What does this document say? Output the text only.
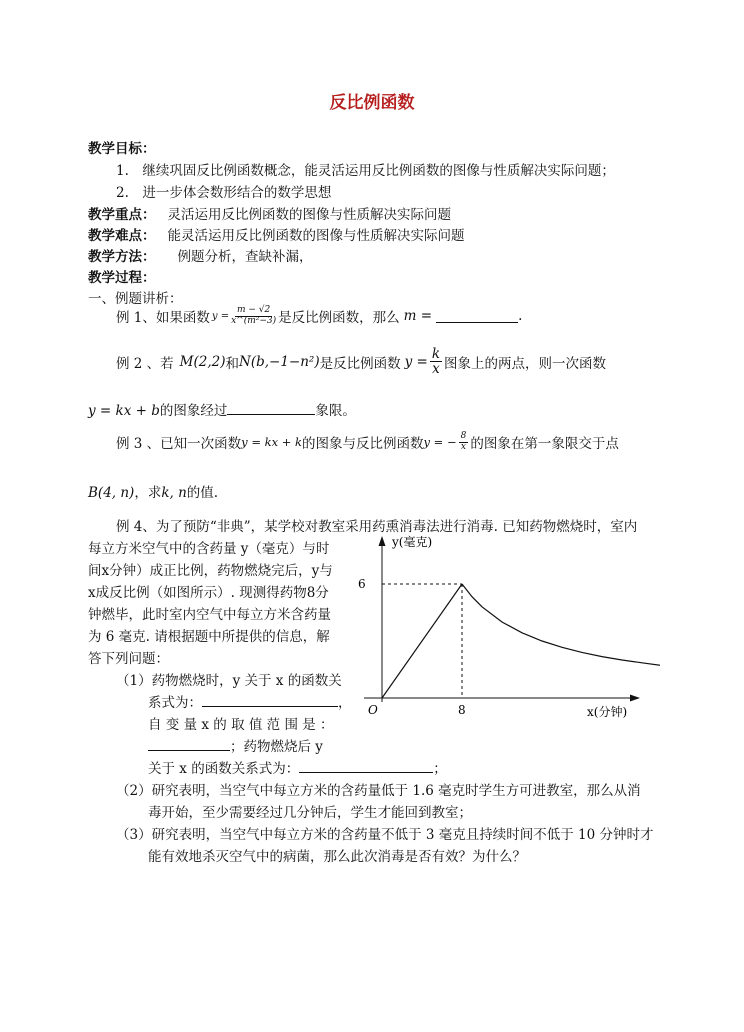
反比例函数
教学目标：
1.　继续巩固反比例函数概念，能灵活运用反比例函数的图像与性质解决实际问题；
2.　进一步体会数形结合的数学思想
教学重点： 灵活运用反比例函数的图像与性质解决实际问题
教学难点： 能灵活运用反比例函数的图像与性质解决实际问题
教学方法： 例题分析，查缺补漏，
教学过程：
一、例题讲析：
例 1、如果函数 $y = \frac{m - √2}{\text{x\textasciicircum{}(m²−3)}}$ 是反比例函数，那么 m =	.
例 2 、若 M(2,2) 和 N(b,−1−n²) 是反比例函数 $y = \frac{k}{x}$ 图象上的两点，则一次函数
y = kx + b的图象经过	象限。
例 3 、已知一次函数 y = kx + k 的图象与反比例函数 y = − $\frac{8}{x}$ 的图象在第一象限交于点
B(4, n)，求k, n的值.
例 4、为了预防“非典”，某学校对教室采用药熏消毒法进行消毒. 已知药物燃烧时，室内
每立方米空气中的含药量 y（毫克）与时
间x分钟）成正比例，药物燃烧完后，y与
x成反比例（如图所示）. 现测得药物8分
钟燃毕，此时室内空气中每立方米含药量
为 6 毫克. 请根据题中所提供的信息，解
答下列问题：
（1）药物燃烧时，y 关于 x 的函数关
系式为：	，
自 变 量 x 的 取 值 范 围 是 ：
；药物燃烧后 y
关于 x 的函数关系式为：	；
（2）研究表明，当空气中每立方米的含药量低于 1.6 毫克时学生方可进教室，那么从消
毒开始，至少需要经过几分钟后，学生才能回到教室；
（3）研究表明，当空气中每立方米的含药量不低于 3 毫克且持续时间不低于 10 分钟时才
能有效地杀灭空气中的病菌，那么此次消毒是否有效？为什么？
y(毫克)
x(分钟)
O	8
6
